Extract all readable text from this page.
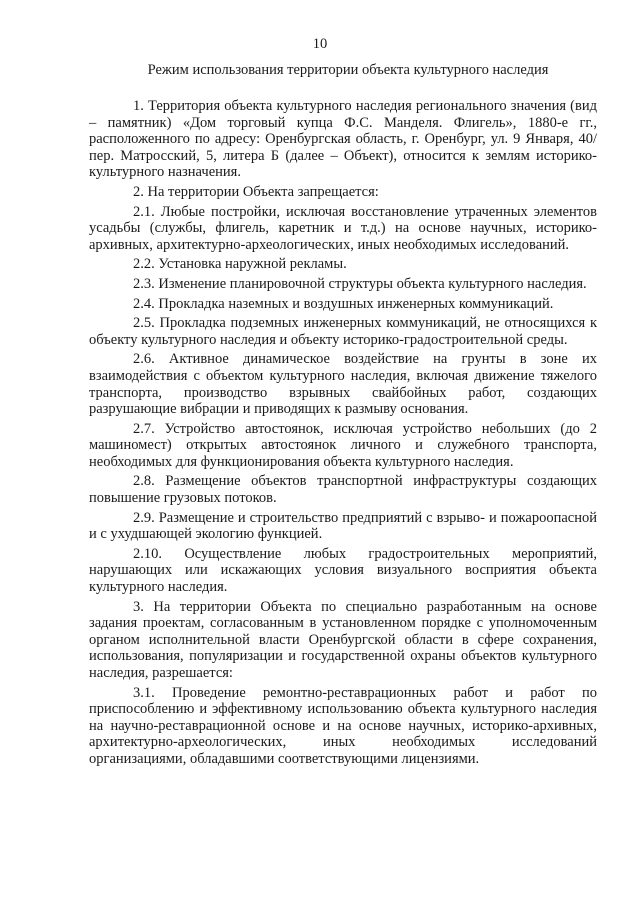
10
Режим использования территории объекта культурного наследия

1. Территория объекта культурного наследия регионального значения (вид – памятник) «Дом торговый купца Ф.С. Манделя. Флигель», 1880-е гг., расположенного по адресу: Оренбургская область, г. Оренбург, ул. 9 Января, 40/пер. Матросский, 5, литера Б (далее – Объект), относится к землям историко-культурного назначения.

2. На территории Объекта запрещается:

2.1. Любые постройки, исключая восстановление утраченных элементов усадьбы (службы, флигель, каретник и т.д.) на основе научных, историко-архивных, архитектурно-археологических, иных необходимых исследований.

2.2. Установка наружной рекламы.

2.3. Изменение планировочной структуры объекта культурного наследия.

2.4. Прокладка наземных и воздушных инженерных коммуникаций.

2.5. Прокладка подземных инженерных коммуникаций, не относящихся к объекту культурного наследия и объекту историко-градостроительной среды.

2.6. Активное динамическое воздействие на грунты в зоне их взаимодействия с объектом культурного наследия, включая движение тяжелого транспорта, производство взрывных свайбойных работ, создающих разрушающие вибрации и приводящих к размыву основания.

2.7. Устройство автостоянок, исключая устройство небольших (до 2 машиномест) открытых автостоянок личного и служебного транспорта, необходимых для функционирования объекта культурного наследия.

2.8. Размещение объектов транспортной инфраструктуры создающих повышение грузовых потоков.

2.9. Размещение и строительство предприятий с взрыво- и пожароопасной и с ухудшающей экологию функцией.

2.10. Осуществление любых градостроительных мероприятий, нарушающих или искажающих условия визуального восприятия объекта культурного наследия.

3. На территории Объекта по специально разработанным на основе задания проектам, согласованным в установленном порядке с уполномоченным органом исполнительной власти Оренбургской области в сфере сохранения, использования, популяризации и государственной охраны объектов культурного наследия, разрешается:

3.1. Проведение ремонтно-реставрационных работ и работ по приспособлению и эффективному использованию объекта культурного наследия на научно-реставрационной основе и на основе научных, историко-архивных, архитектурно-археологических, иных необходимых исследований организациями, обладавшими соответствующими лицензиями.
